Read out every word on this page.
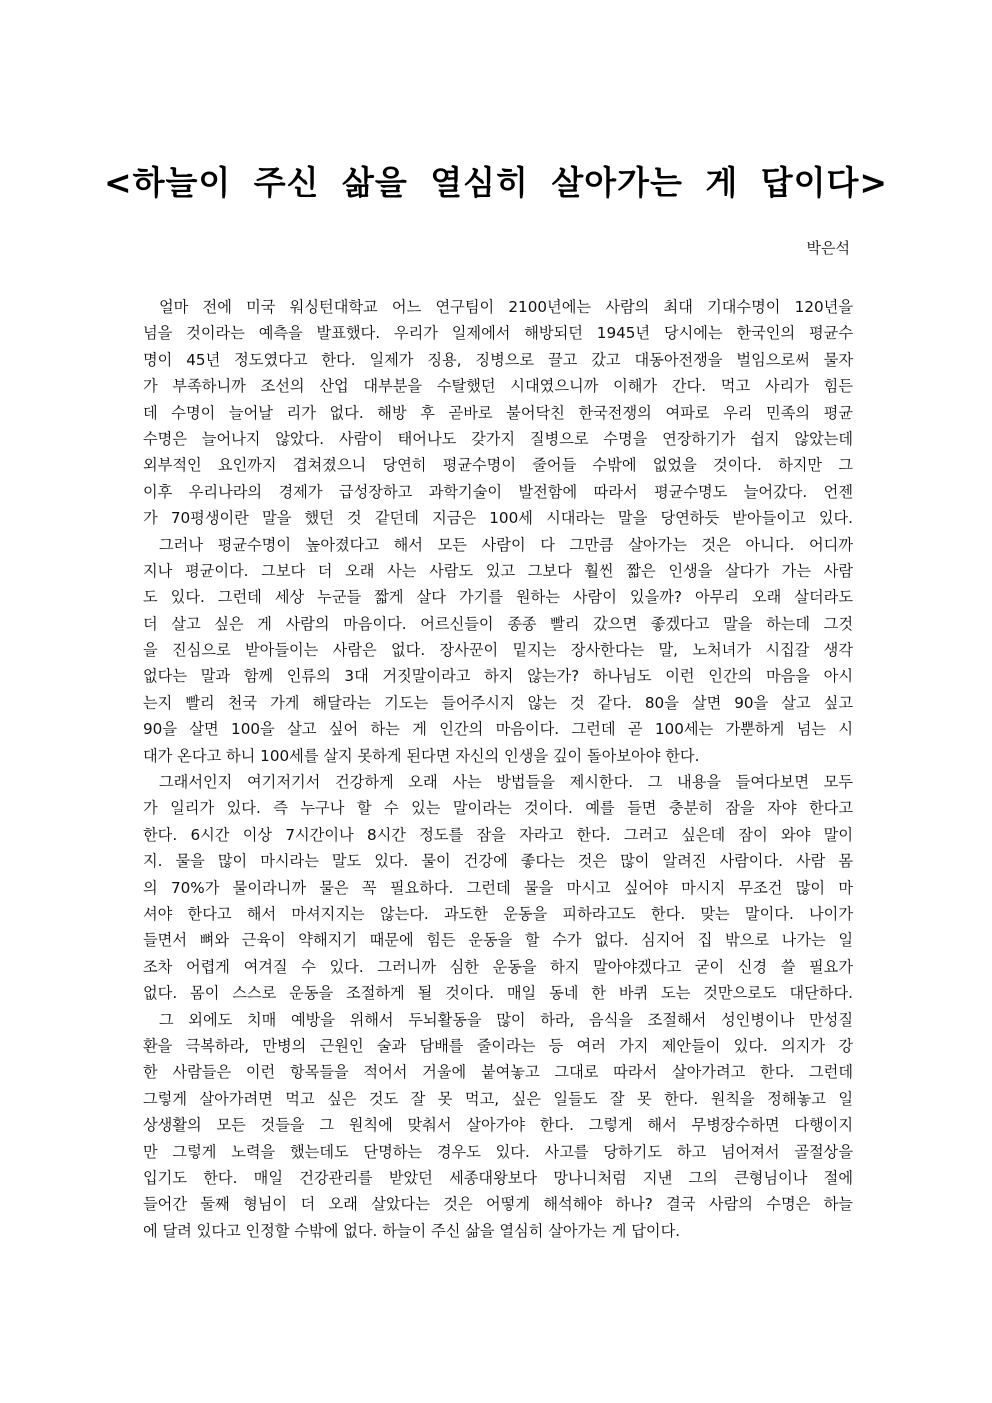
<하늘이 주신 삶을 열심히 살아가는 게 답이다>
박은석
얼마 전에 미국 워싱턴대학교 어느 연구팀이 2100년에는 사람의 최대 기대수명이 120년을
넘을 것이라는 예측을 발표했다. 우리가 일제에서 해방되던 1945년 당시에는 한국인의 평균수
명이 45년 정도였다고 한다. 일제가 징용, 징병으로 끌고 갔고 대동아전쟁을 벌임으로써 물자
가 부족하니까 조선의 산업 대부분을 수탈했던 시대였으니까 이해가 간다. 먹고 사리가 힘든
데 수명이 늘어날 리가 없다. 해방 후 곧바로 불어닥친 한국전쟁의 여파로 우리 민족의 평균
수명은 늘어나지 않았다. 사람이 태어나도 갖가지 질병으로 수명을 연장하기가 쉽지 않았는데
외부적인 요인까지 겹쳐졌으니 당연히 평균수명이 줄어들 수밖에 없었을 것이다. 하지만 그
이후 우리나라의 경제가 급성장하고 과학기술이 발전함에 따라서 평균수명도 늘어갔다. 언젠
가 70평생이란 말을 했던 것 같던데 지금은 100세 시대라는 말을 당연하듯 받아들이고 있다.
그러나 평균수명이 높아졌다고 해서 모든 사람이 다 그만큼 살아가는 것은 아니다. 어디까
지나 평균이다. 그보다 더 오래 사는 사람도 있고 그보다 훨씬 짧은 인생을 살다가 가는 사람
도 있다. 그런데 세상 누군들 짧게 살다 가기를 원하는 사람이 있을까? 아무리 오래 살더라도
더 살고 싶은 게 사람의 마음이다. 어르신들이 종종 빨리 갔으면 좋겠다고 말을 하는데 그것
을 진심으로 받아들이는 사람은 없다. 장사꾼이 밑지는 장사한다는 말, 노처녀가 시집갈 생각
없다는 말과 함께 인류의 3대 거짓말이라고 하지 않는가? 하나님도 이런 인간의 마음을 아시
는지 빨리 천국 가게 해달라는 기도는 들어주시지 않는 것 같다. 80을 살면 90을 살고 싶고
90을 살면 100을 살고 싶어 하는 게 인간의 마음이다. 그런데 곧 100세는 가뿐하게 넘는 시
대가 온다고 하니 100세를 살지 못하게 된다면 자신의 인생을 깊이 돌아보아야 한다.
그래서인지 여기저기서 건강하게 오래 사는 방법들을 제시한다. 그 내용을 들여다보면 모두
가 일리가 있다. 즉 누구나 할 수 있는 말이라는 것이다. 예를 들면 충분히 잠을 자야 한다고
한다. 6시간 이상 7시간이나 8시간 정도를 잠을 자라고 한다. 그러고 싶은데 잠이 와야 말이
지. 물을 많이 마시라는 말도 있다. 물이 건강에 좋다는 것은 많이 알려진 사람이다. 사람 몸
의 70%가 물이라니까 물은 꼭 필요하다. 그런데 물을 마시고 싶어야 마시지 무조건 많이 마
셔야 한다고 해서 마셔지지는 않는다. 과도한 운동을 피하라고도 한다. 맞는 말이다. 나이가
들면서 뼈와 근육이 약해지기 때문에 힘든 운동을 할 수가 없다. 심지어 집 밖으로 나가는 일
조차 어렵게 여겨질 수 있다. 그러니까 심한 운동을 하지 말아야겠다고 굳이 신경 쓸 필요가
없다. 몸이 스스로 운동을 조절하게 될 것이다. 매일 동네 한 바퀴 도는 것만으로도 대단하다.
그 외에도 치매 예방을 위해서 두뇌활동을 많이 하라, 음식을 조절해서 성인병이나 만성질
환을 극복하라, 만병의 근원인 술과 담배를 줄이라는 등 여러 가지 제안들이 있다. 의지가 강
한 사람들은 이런 항목들을 적어서 거울에 붙여놓고 그대로 따라서 살아가려고 한다. 그런데
그렇게 살아가려면 먹고 싶은 것도 잘 못 먹고, 싶은 일들도 잘 못 한다. 원칙을 정해놓고 일
상생활의 모든 것들을 그 원칙에 맞춰서 살아가야 한다. 그렇게 해서 무병장수하면 다행이지
만 그렇게 노력을 했는데도 단명하는 경우도 있다. 사고를 당하기도 하고 넘어져서 골절상을
입기도 한다. 매일 건강관리를 받았던 세종대왕보다 망나니처럼 지낸 그의 큰형님이나 절에
들어간 둘째 형님이 더 오래 살았다는 것은 어떻게 해석해야 하나? 결국 사람의 수명은 하늘
에 달려 있다고 인정할 수밖에 없다. 하늘이 주신 삶을 열심히 살아가는 게 답이다.
